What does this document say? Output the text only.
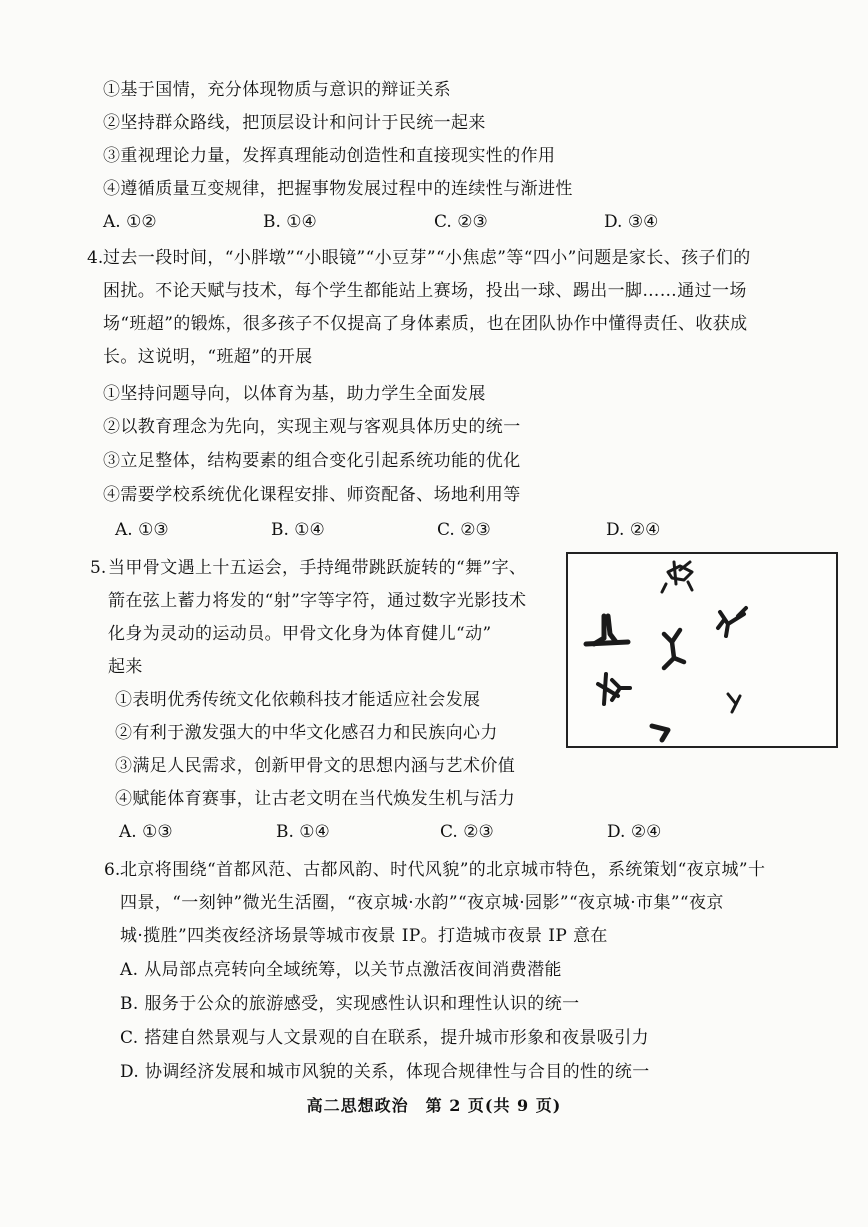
①基于国情，充分体现物质与意识的辩证关系
②坚持群众路线，把顶层设计和问计于民统一起来
③重视理论力量，发挥真理能动创造性和直接现实性的作用
④遵循质量互变规律，把握事物发展过程中的连续性与渐进性
A. ①②	B. ①④	C. ②③	D. ③④
4. 过去一段时间，“小胖墩”“小眼镜”“小豆芽”“小焦虑”等“四小”问题是家长、孩子们的
困扰。不论天赋与技术，每个学生都能站上赛场，投出一球、踢出一脚……通过一场
场“班超”的锻炼，很多孩子不仅提高了身体素质，也在团队协作中懂得责任、收获成
长。这说明，“班超”的开展
①坚持问题导向，以体育为基，助力学生全面发展
②以教育理念为先向，实现主观与客观具体历史的统一
③立足整体，结构要素的组合变化引起系统功能的优化
④需要学校系统优化课程安排、师资配备、场地利用等
A. ①③	B. ①④	C. ②③	D. ②④
5. 当甲骨文遇上十五运会，手持绳带跳跃旋转的“舞”字、
箭在弦上蓄力将发的“射”字等字符，通过数字光影技术
化身为灵动的运动员。甲骨文化身为体育健儿“动”
起来
①表明优秀传统文化依赖科技才能适应社会发展
②有利于激发强大的中华文化感召力和民族向心力
③满足人民需求，创新甲骨文的思想内涵与艺术价值
④赋能体育赛事，让古老文明在当代焕发生机与活力
A. ①③	B. ①④	C. ②③	D. ②④
6. 北京将围绕“首都风范、古都风韵、时代风貌”的北京城市特色，系统策划“夜京城”十
四景，“一刻钟”微光生活圈，“夜京城·水韵”“夜京城·园影”“夜京城·市集”“夜京
城·揽胜”四类夜经济场景等城市夜景 IP。打造城市夜景 IP 意在
A. 从局部点亮转向全域统筹，以关节点激活夜间消费潜能
B. 服务于公众的旅游感受，实现感性认识和理性认识的统一
C. 搭建自然景观与人文景观的自在联系，提升城市形象和夜景吸引力
D. 协调经济发展和城市风貌的关系，体现合规律性与合目的性的统一
高二思想政治　第 2 页(共 9 页)
